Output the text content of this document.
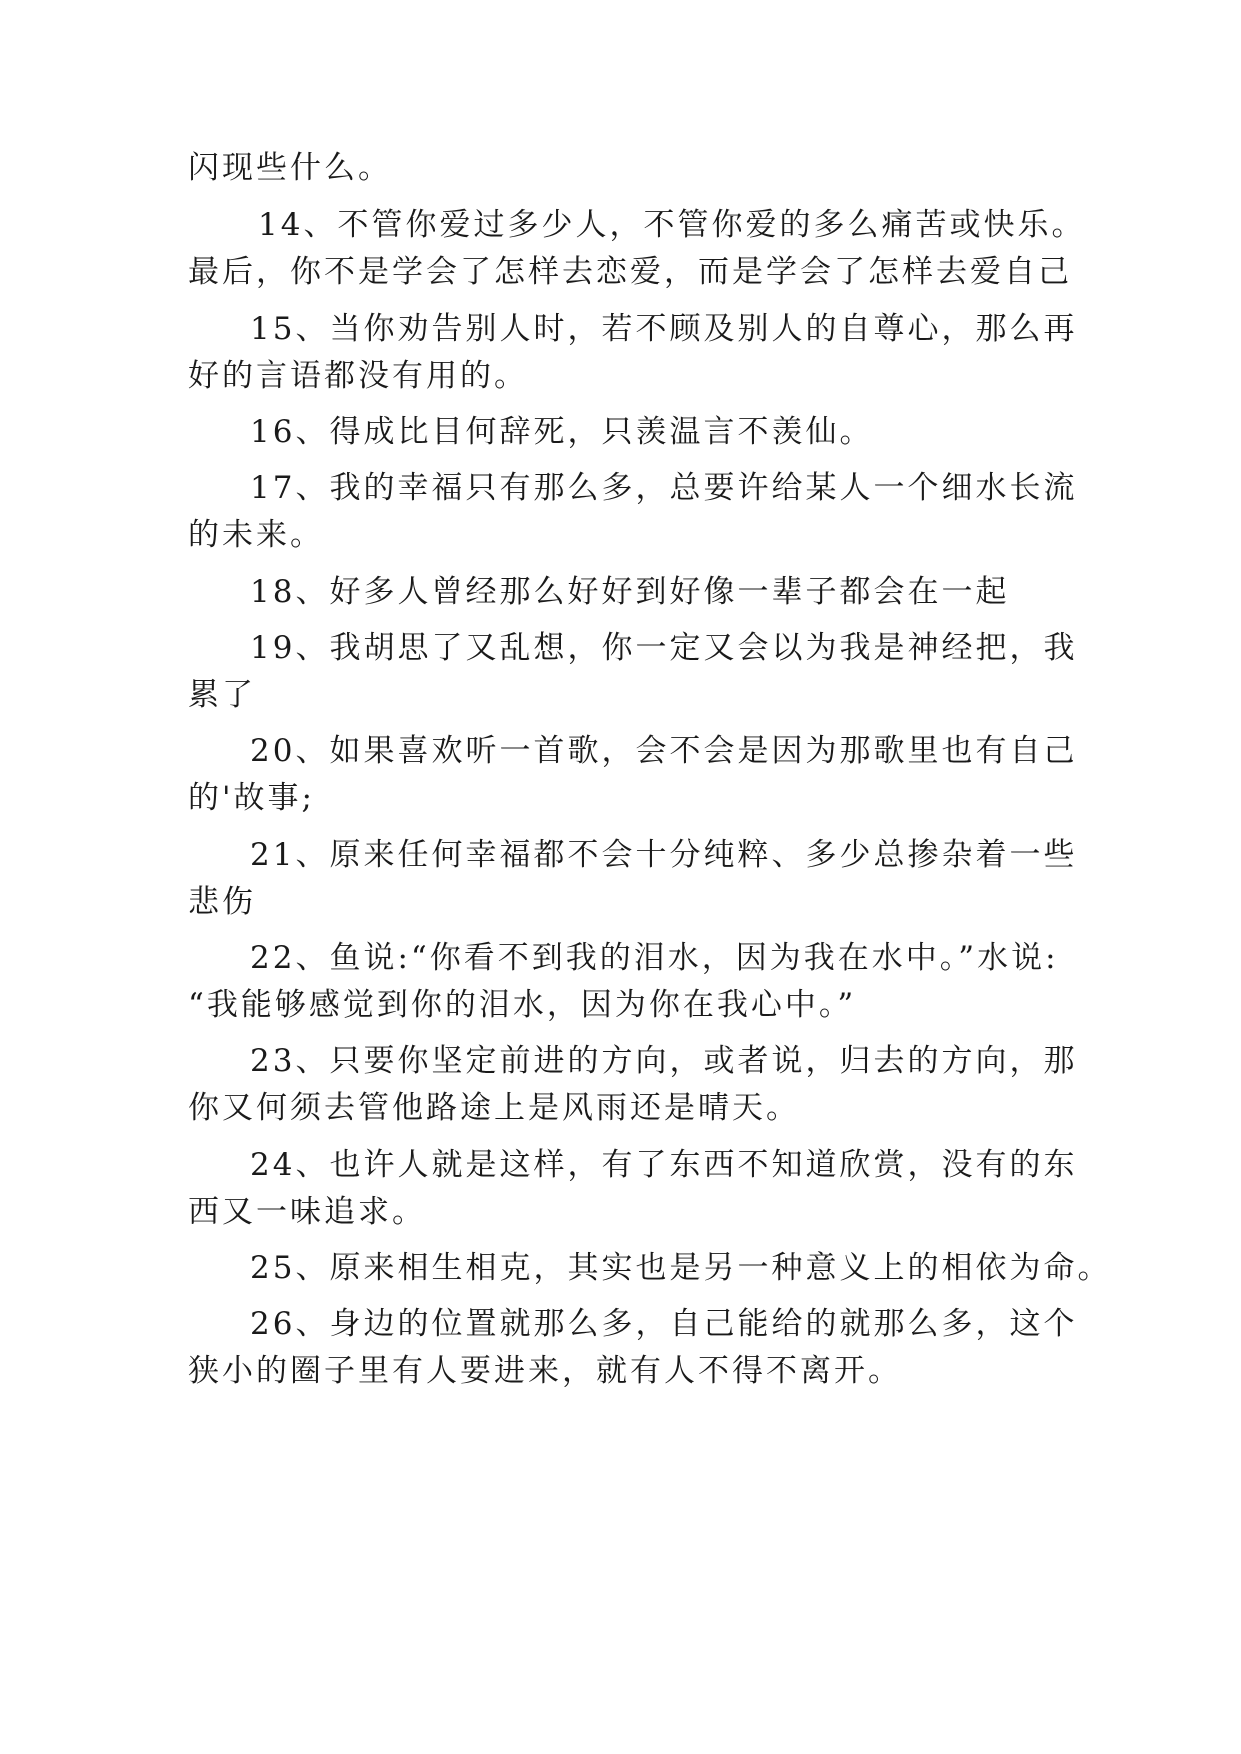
闪现些什么。
14、不管你爱过多少人，不管你爱的多么痛苦或快乐。
最后，你不是学会了怎样去恋爱，而是学会了怎样去爱自己
15、当你劝告别人时，若不顾及别人的自尊心，那么再
好的言语都没有用的。
16、得成比目何辞死，只羡温言不羡仙。
17、我的幸福只有那么多，总要许给某人一个细水长流
的未来。
18、好多人曾经那么好好到好像一辈子都会在一起
19、我胡思了又乱想，你一定又会以为我是神经把，我
累了
20、如果喜欢听一首歌，会不会是因为那歌里也有自己
的'故事;
21、原来任何幸福都不会十分纯粹、多少总掺杂着一些
悲伤
22、鱼说:“你看不到我的泪水，因为我在水中。”水说:
“我能够感觉到你的泪水，因为你在我心中。”
23、只要你坚定前进的方向，或者说，归去的方向，那
你又何须去管他路途上是风雨还是晴天。
24、也许人就是这样，有了东西不知道欣赏，没有的东
西又一味追求。
25、原来相生相克，其实也是另一种意义上的相依为命。
26、身边的位置就那么多，自己能给的就那么多，这个
狭小的圈子里有人要进来，就有人不得不离开。
